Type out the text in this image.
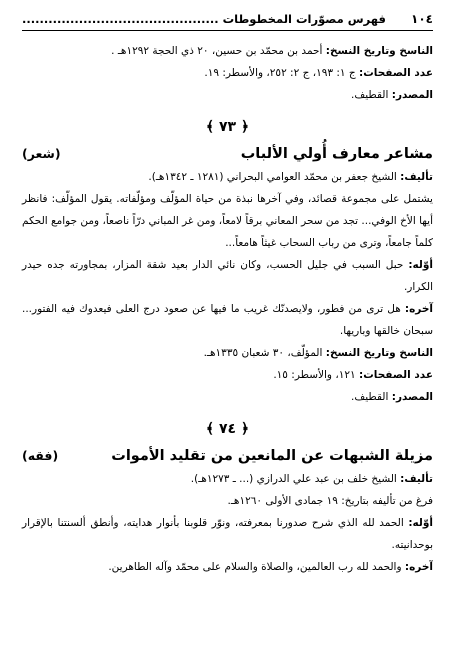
١٠٤
فهرس مصوّرات المخطوطات .............................................
الناسخ وتاريخ النسخ: أحمد بن محمّد بن حسين، ٢٠ ذي الحجة ١٢٩٢هـ .
عدد الصفحات: ج ١: ١٩٣، ج ٢: ٢٥٢، والأسطر: ١٩.
المصدر: القطيف.
﴿ ٧٣ ﴾
مشاعر معارف أُولي الألباب
(شعر)
تأليف: الشيخ جعفر بن محمّد العوامي البحراني (١٢٨١ ـ ١٣٤٢هـ).
يشتمل على مجموعة قصائد، وفي آخرها نبذة من حياة المؤلّف ومؤلّفاته. يقول المؤلّف: فانظر أيها الأخ الوفي... تجد من سحر المعاني برقاً لامعاً، ومن غر المباني درّاً ناصعاً، ومن جوامع الحكم كلماً جامعاً، وترى من رباب السحاب غيثاً هامعاً...
أوّله: حبل السبب في جليل الحسب، وكان نائي الدار بعيد شقة المزار، بمجاورته جده حيدر الكرار.
آخره: هل ترى من فطور، ولايصدنّك غريب ما فيها عن صعود درج العلى فيعدوك فيه الفتور... سبحان خالقها وباريها.
الناسخ وتاريخ النسخ: المؤلّف، ٣٠ شعبان ١٣٣٥هـ.
عدد الصفحات: ١٢١، والأسطر: ١٥.
المصدر: القطيف.
﴿ ٧٤ ﴾
مزيلة الشبهات عن المانعين من تقليد الأموات
(فقه)
تأليف: الشيخ خلف بن عبد علي الدرازي (... ـ ١٢٧٣هـ).
فرغ من تأليفه بتاريخ: ١٩ جمادى الأولى ١٢٦٠هـ.
أوّله: الحمد لله الذي شرح صدورنا بمعرفته، ونوّر قلوبنا بأنوار هدايته، وأنطق ألسنتنا بالإقرار بوحدانيته.
آخره: والحمد لله رب العالمين، والصلاة والسلام على محمّد وآله الطاهرين.
